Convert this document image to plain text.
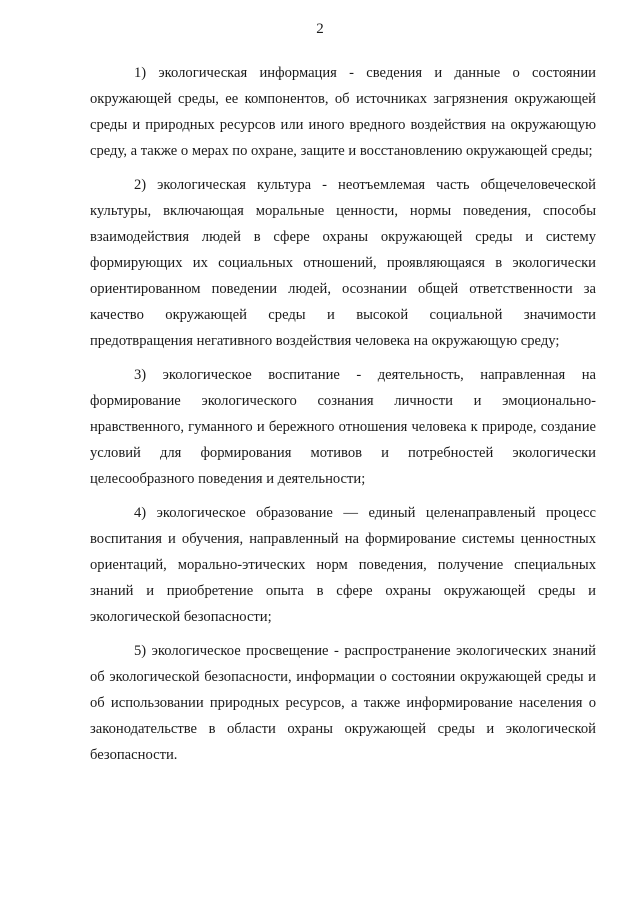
2

1) экологическая информация - сведения и данные о состоянии окружающей среды, ее компонентов, об источниках загрязнения окружающей среды и природных ресурсов или иного вредного воздействия на окружающую среду, а также о мерах по охране, защите и восстановлению окружающей среды;

2) экологическая культура - неотъемлемая часть общечеловеческой культуры, включающая моральные ценности, нормы поведения, способы взаимодействия людей в сфере охраны окружающей среды и систему формирующих их социальных отношений, проявляющаяся в экологически ориентированном поведении людей, осознании общей ответственности за качество окружающей среды и высокой социальной значимости предотвращения негативного воздействия человека на окружающую среду;

3) экологическое воспитание - деятельность, направленная на формирование экологического сознания личности и эмоционально-нравственного, гуманного и бережного отношения человека к природе, создание условий для формирования мотивов и потребностей экологически целесообразного поведения и деятельности;

4) экологическое образование — единый целенаправленый процесс воспитания и обучения, направленный на формирование системы ценностных ориентаций, морально-этических норм поведения, получение специальных знаний и приобретение опыта в сфере охраны окружающей среды и экологической безопасности;

5) экологическое просвещение - распространение экологических знаний об экологической безопасности, информации о состоянии окружающей среды и об использовании природных ресурсов, а также информирование населения о законодательстве в области охраны окружающей среды и экологической безопасности.
